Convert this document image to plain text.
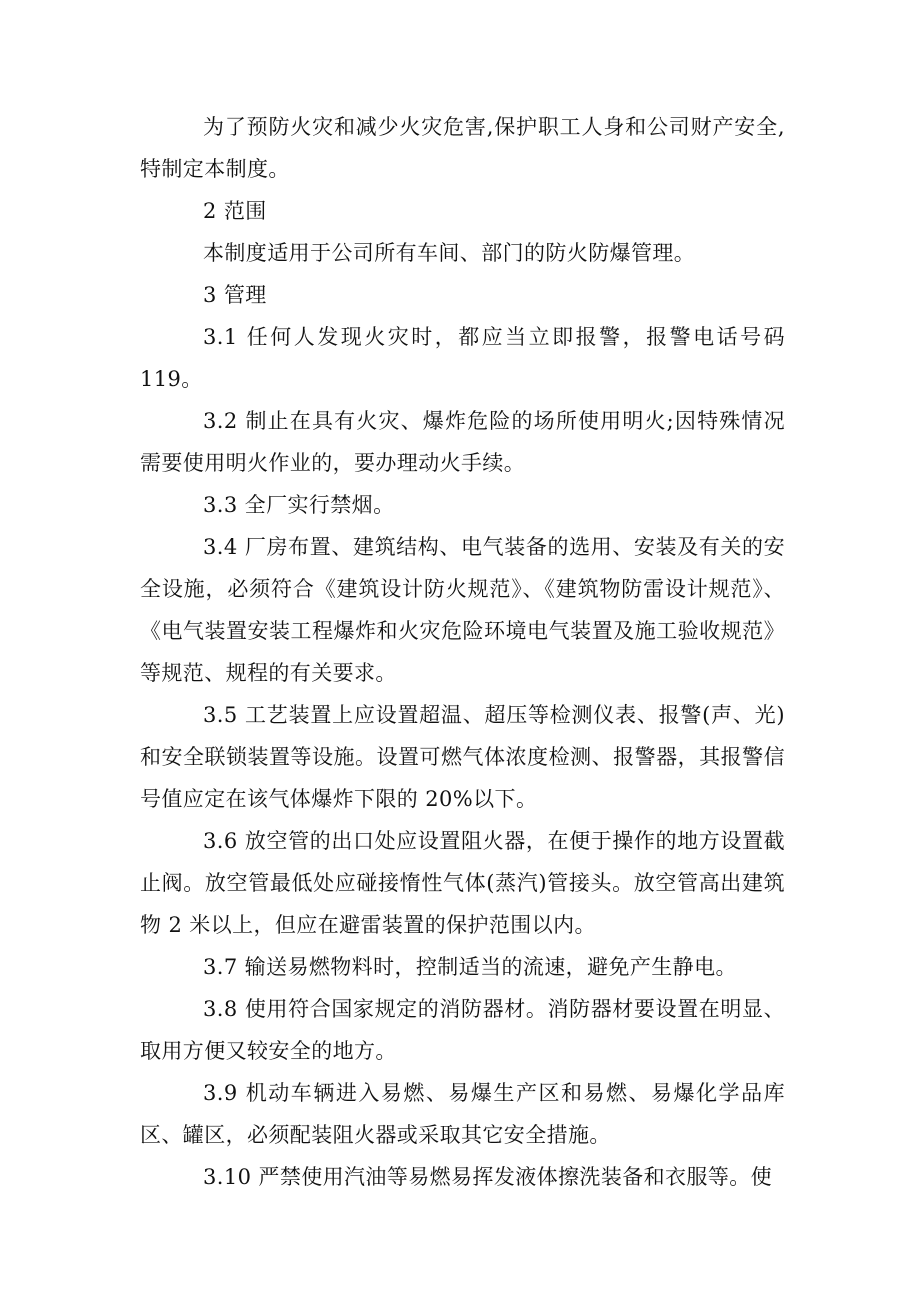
为了预防火灾和减少火灾危害,保护职工人身和公司财产安全,特制定本制度。

2 范围

本制度适用于公司所有车间、部门的防火防爆管理。

3 管理

3.1 任何人发现火灾时，都应当立即报警，报警电话号码 119。

3.2 制止在具有火灾、爆炸危险的场所使用明火;因特殊情况需要使用明火作业的，要办理动火手续。

3.3 全厂实行禁烟。

3.4 厂房布置、建筑结构、电气装备的选用、安装及有关的安全设施，必须符合《建筑设计防火规范》、《建筑物防雷设计规范》、《电气装置安装工程爆炸和火灾危险环境电气装置及施工验收规范》等规范、规程的有关要求。

3.5 工艺装置上应设置超温、超压等检测仪表、报警(声、光)和安全联锁装置等设施。设置可燃气体浓度检测、报警器，其报警信号值应定在该气体爆炸下限的 20%以下。

3.6 放空管的出口处应设置阻火器，在便于操作的地方设置截止阀。放空管最低处应碰接惰性气体(蒸汽)管接头。放空管高出建筑物 2 米以上，但应在避雷装置的保护范围以内。

3.7 输送易燃物料时，控制适当的流速，避免产生静电。

3.8 使用符合国家规定的消防器材。消防器材要设置在明显、取用方便又较安全的地方。

3.9 机动车辆进入易燃、易爆生产区和易燃、易爆化学品库区、罐区，必须配装阻火器或采取其它安全措施。

3.10 严禁使用汽油等易燃易挥发液体擦洗装备和衣服等。使
